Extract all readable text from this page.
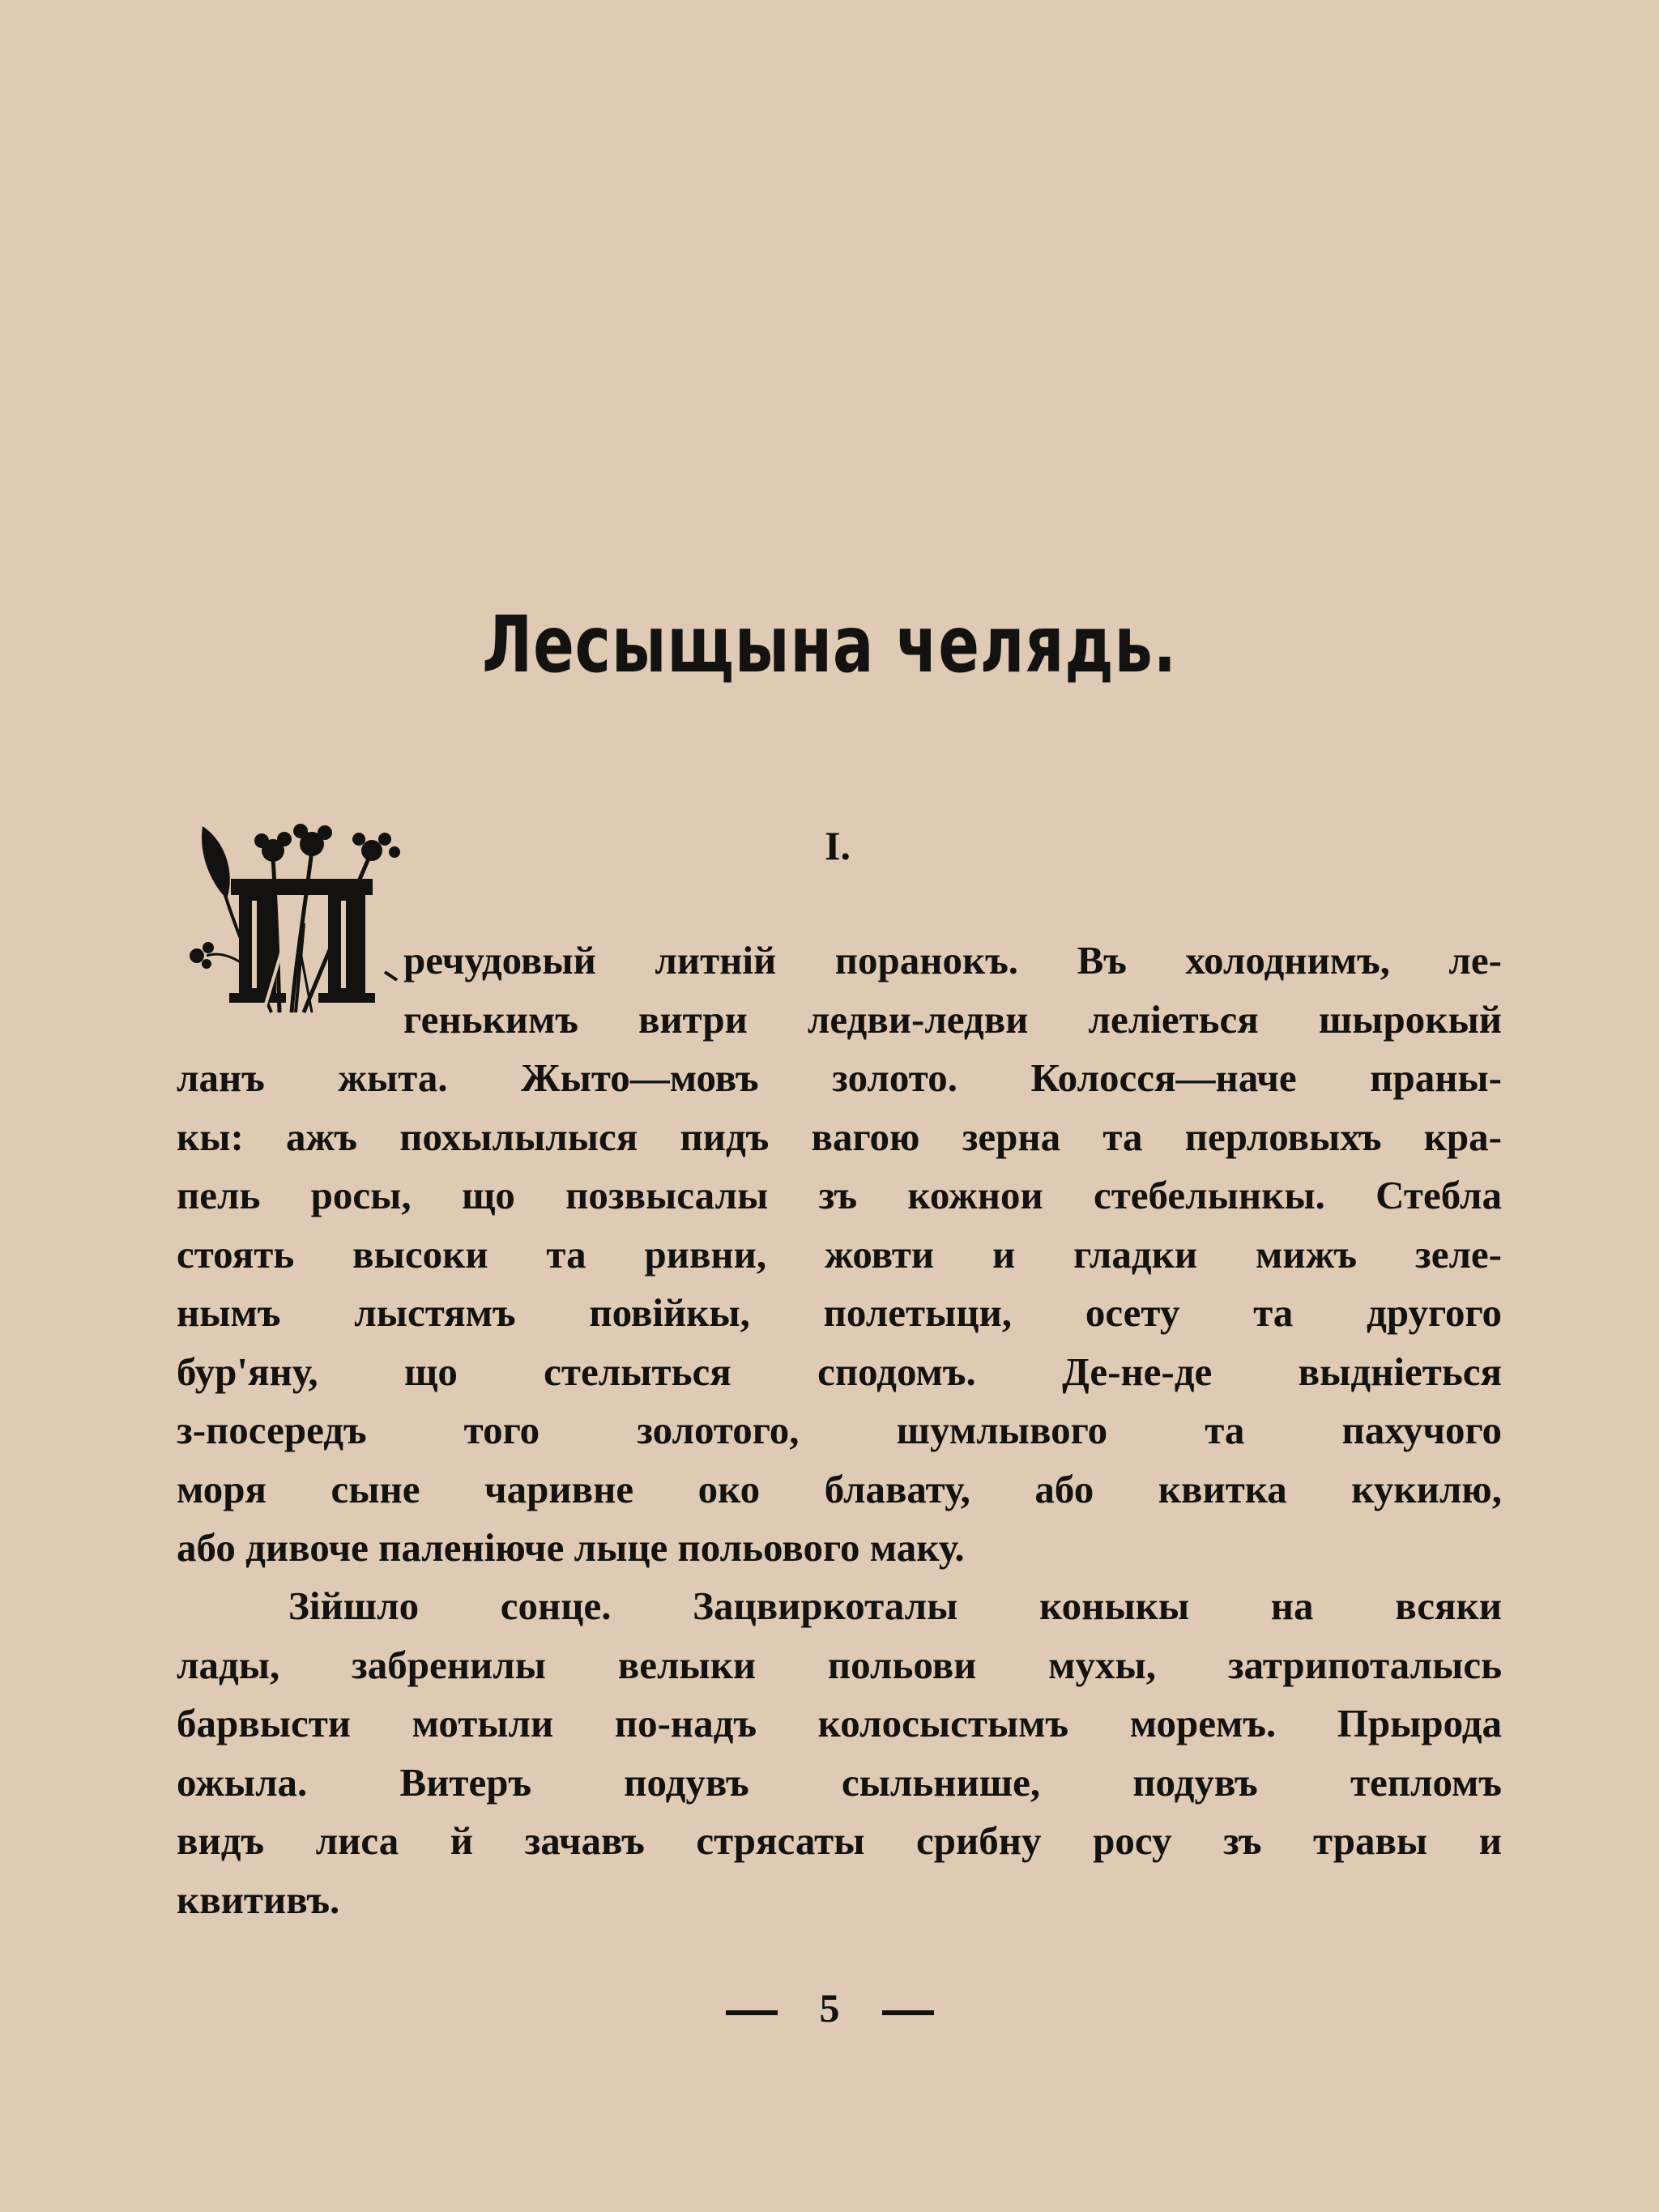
Лесыщына челядь.
I.
речудовый литній поранокъ. Въ холоднимъ, ле-
генькимъ витри ледви-ледви леліеться шырокый
ланъ жыта. Жыто—мовъ золото. Колосся—наче праны-
кы: ажъ похылылыся пидъ вагою зерна та перловыхъ кра-
пель росы, що позвысалы зъ кожнои стебелынкы. Стебла
стоять высоки та ривни, жовти и гладки мижъ зеле-
нымъ лыстямъ повійкы, полетыци, осету та другого
бур'яну, що стелыться сподомъ. Де-не-де выдніеться
з-посередъ того золотого, шумлывого та пахучого
моря сыне чаривне око блавату, або квитка кукилю,
або дивоче паленіюче лыце польового маку.
Зійшло сонце. Зацвиркоталы коныкы на всяки
лады, забренилы велыки польови мухы, затрипоталысь
барвысти мотыли по-надъ колосыстымъ моремъ. Прырода
ожыла. Витеръ подувъ сыльнише, подувъ тепломъ
видъ лиса й зачавъ стрясаты срибну росу зъ травы и
квитивъ.
5
